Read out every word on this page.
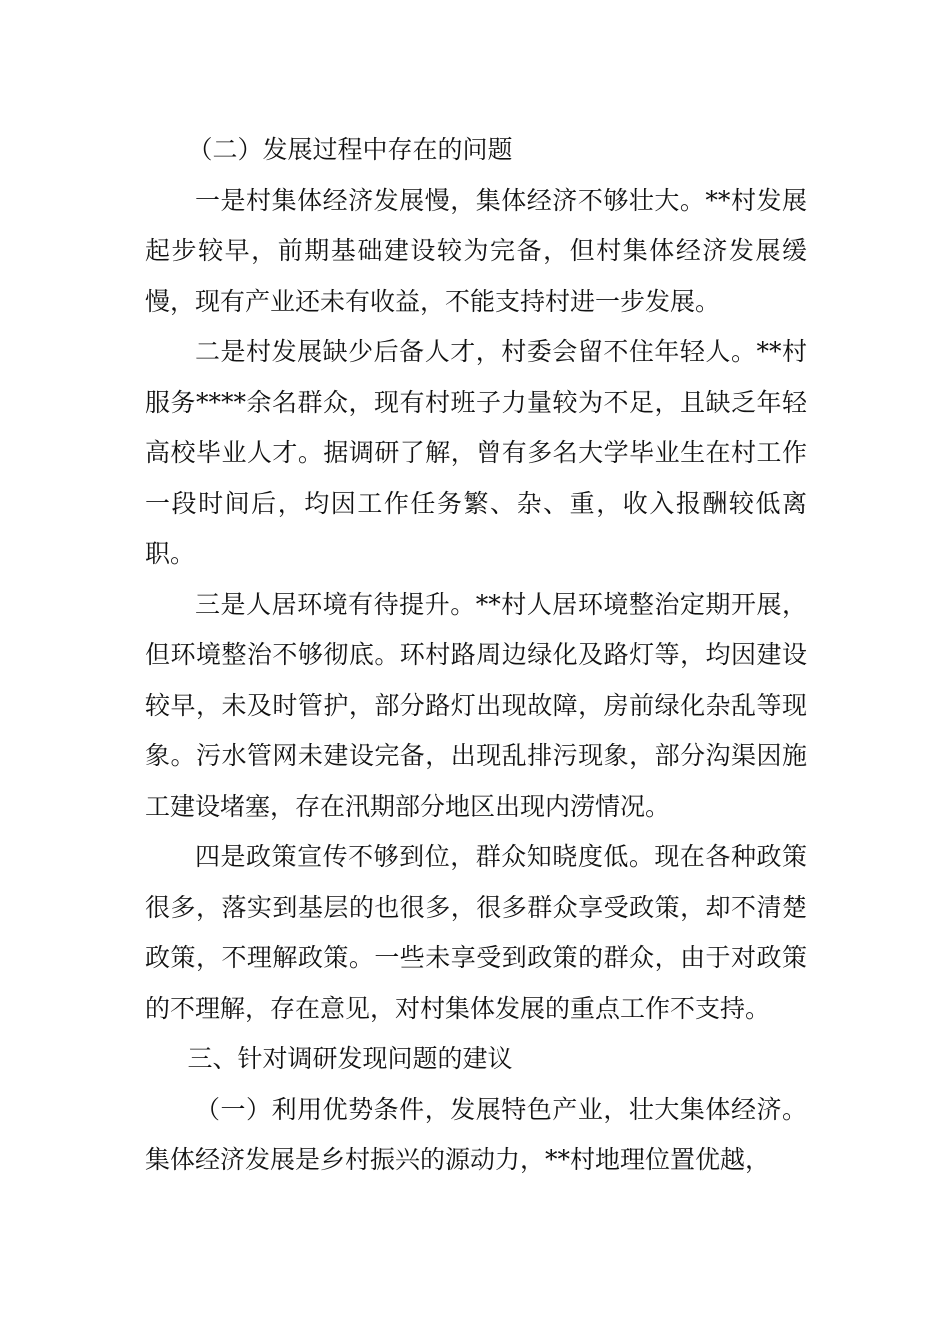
（二）发展过程中存在的问题

一是村集体经济发展慢，集体经济不够壮大。**村发展起步较早，前期基础建设较为完备，但村集体经济发展缓慢，现有产业还未有收益，不能支持村进一步发展。

二是村发展缺少后备人才，村委会留不住年轻人。**村服务****余名群众，现有村班子力量较为不足，且缺乏年轻高校毕业人才。据调研了解，曾有多名大学毕业生在村工作一段时间后，均因工作任务繁、杂、重，收入报酬较低离职。

三是人居环境有待提升。**村人居环境整治定期开展，但环境整治不够彻底。环村路周边绿化及路灯等，均因建设较早，未及时管护，部分路灯出现故障，房前绿化杂乱等现象。污水管网未建设完备，出现乱排污现象，部分沟渠因施工建设堵塞，存在汛期部分地区出现内涝情况。

四是政策宣传不够到位，群众知晓度低。现在各种政策很多，落实到基层的也很多，很多群众享受政策，却不清楚政策，不理解政策。一些未享受到政策的群众，由于对政策的不理解，存在意见，对村集体发展的重点工作不支持。

三、针对调研发现问题的建议

（一）利用优势条件，发展特色产业，壮大集体经济。集体经济发展是乡村振兴的源动力，**村地理位置优越，
